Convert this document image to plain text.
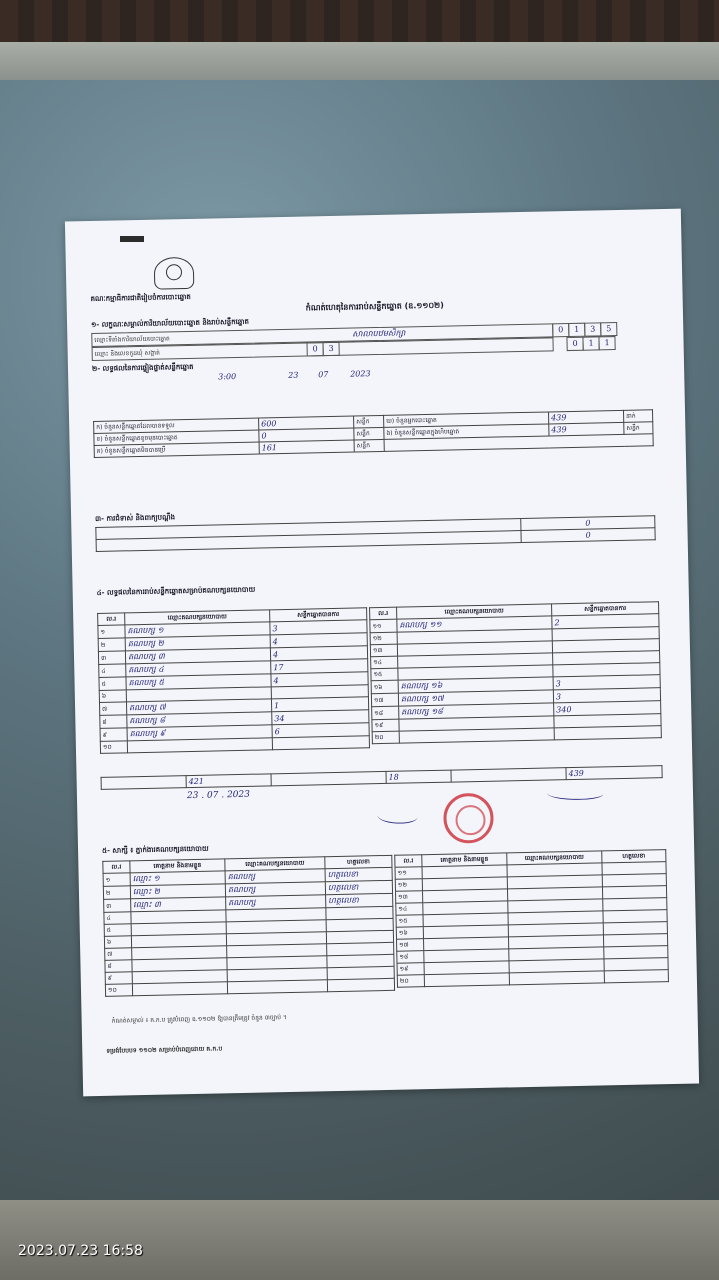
គណៈកម្មាធិការជាតិរៀបចំការបោះឆ្នោត
កំណត់ហេតុនៃការរាប់សន្លឹកឆ្នោត (ឧ.១១០២)
១- លក្ខណៈសម្គាល់ការិយាល័យបោះឆ្នោត និងរាប់សន្លឹកឆ្នោត
ឈ្មោះទីតាំងការិយាល័យបោះឆ្នោត
សាលាបឋមសិក្សា	0	1	3	5
ឈ្មោះ និងលេខកូដឃុំ សង្កាត់
0	3
0	1	1
២- លទ្ធផលនៃការផ្ទៀងផ្ទាត់សន្លឹកឆ្នោត
3:00	23 07	2023
ក) ចំនួនសន្លឹកឆ្នោតដែលបានទទួល	600	សន្លឹក	ឃ) ចំនួនអ្នកបោះឆ្នោត	439	នាក់
ខ) ចំនួនសន្លឹកឆ្នោតខូចមុនបោះឆ្នោត	0	សន្លឹក	ង) ចំនួនសន្លឹកឆ្នោតក្នុងហិបឆ្នោត	439	សន្លឹក
គ) ចំនួនសន្លឹកឆ្នោតមិនបានប្រើ	161	សន្លឹក			
៣- ការជំទាស់ និងពាក្យបណ្តឹង
	0
	0
៤- លទ្ធផលនៃការរាប់សន្លឹកឆ្នោតសម្រាប់គណបក្សនយោបាយ
ល.រ	ឈ្មោះគណបក្សនយោបាយ	សន្លឹកឆ្នោតបានការ
១	គណបក្ស ១	3
២	គណបក្ស ២	4
៣	គណបក្ស ៣	4
៤	គណបក្ស ៤	17
៥	គណបក្ស ៥	4
៦		
៧	គណបក្ស ៧	1
៨	គណបក្ស ៨	34
៩	គណបក្ស ៩	6
១០		
ល.រ	ឈ្មោះគណបក្សនយោបាយ	សន្លឹកឆ្នោតបានការ
១១	គណបក្ស ១១	2
១២		
១៣		
១៤		
១៥		
១៦	គណបក្ស ១៦	3
១៧	គណបក្ស ១៧	3
១៨	គណបក្ស ១៨	340
១៩		
២០		
	421		18		439
23 . 07 . 2023
៥- សាក្សី ៖ ភ្នាក់ងារគណបក្សនយោបាយ
ល.រ	គោត្តនាម និងនាមខ្លួន	ឈ្មោះគណបក្សនយោបាយ	ហត្ថលេខា
១	ឈ្មោះ ១	គណបក្ស	ហត្ថលេខា
២	ឈ្មោះ ២	គណបក្ស	ហត្ថលេខា
៣	ឈ្មោះ ៣	គណបក្ស	ហត្ថលេខា
៤			
៥			
៦			
៧			
៨			
៩			
១០			
ល.រ	គោត្តនាម និងនាមខ្លួន	ឈ្មោះគណបក្សនយោបាយ	ហត្ថលេខា
១១			
១២			
១៣			
១៤			
១៥			
១៦			
១៧			
១៨			
១៩			
២០			
កំណត់សម្គាល់ ៖ គ.ក.ប ត្រូវបំពេញ ឧ.១១០២ ឱ្យបានត្រឹមត្រូវ ចំនួន ៣ច្បាប់ ។
ទម្រង់បែបបទ ១១០២ សម្រាប់បំពេញដោយ គ.ក.ប
2023.07.23 16:58
